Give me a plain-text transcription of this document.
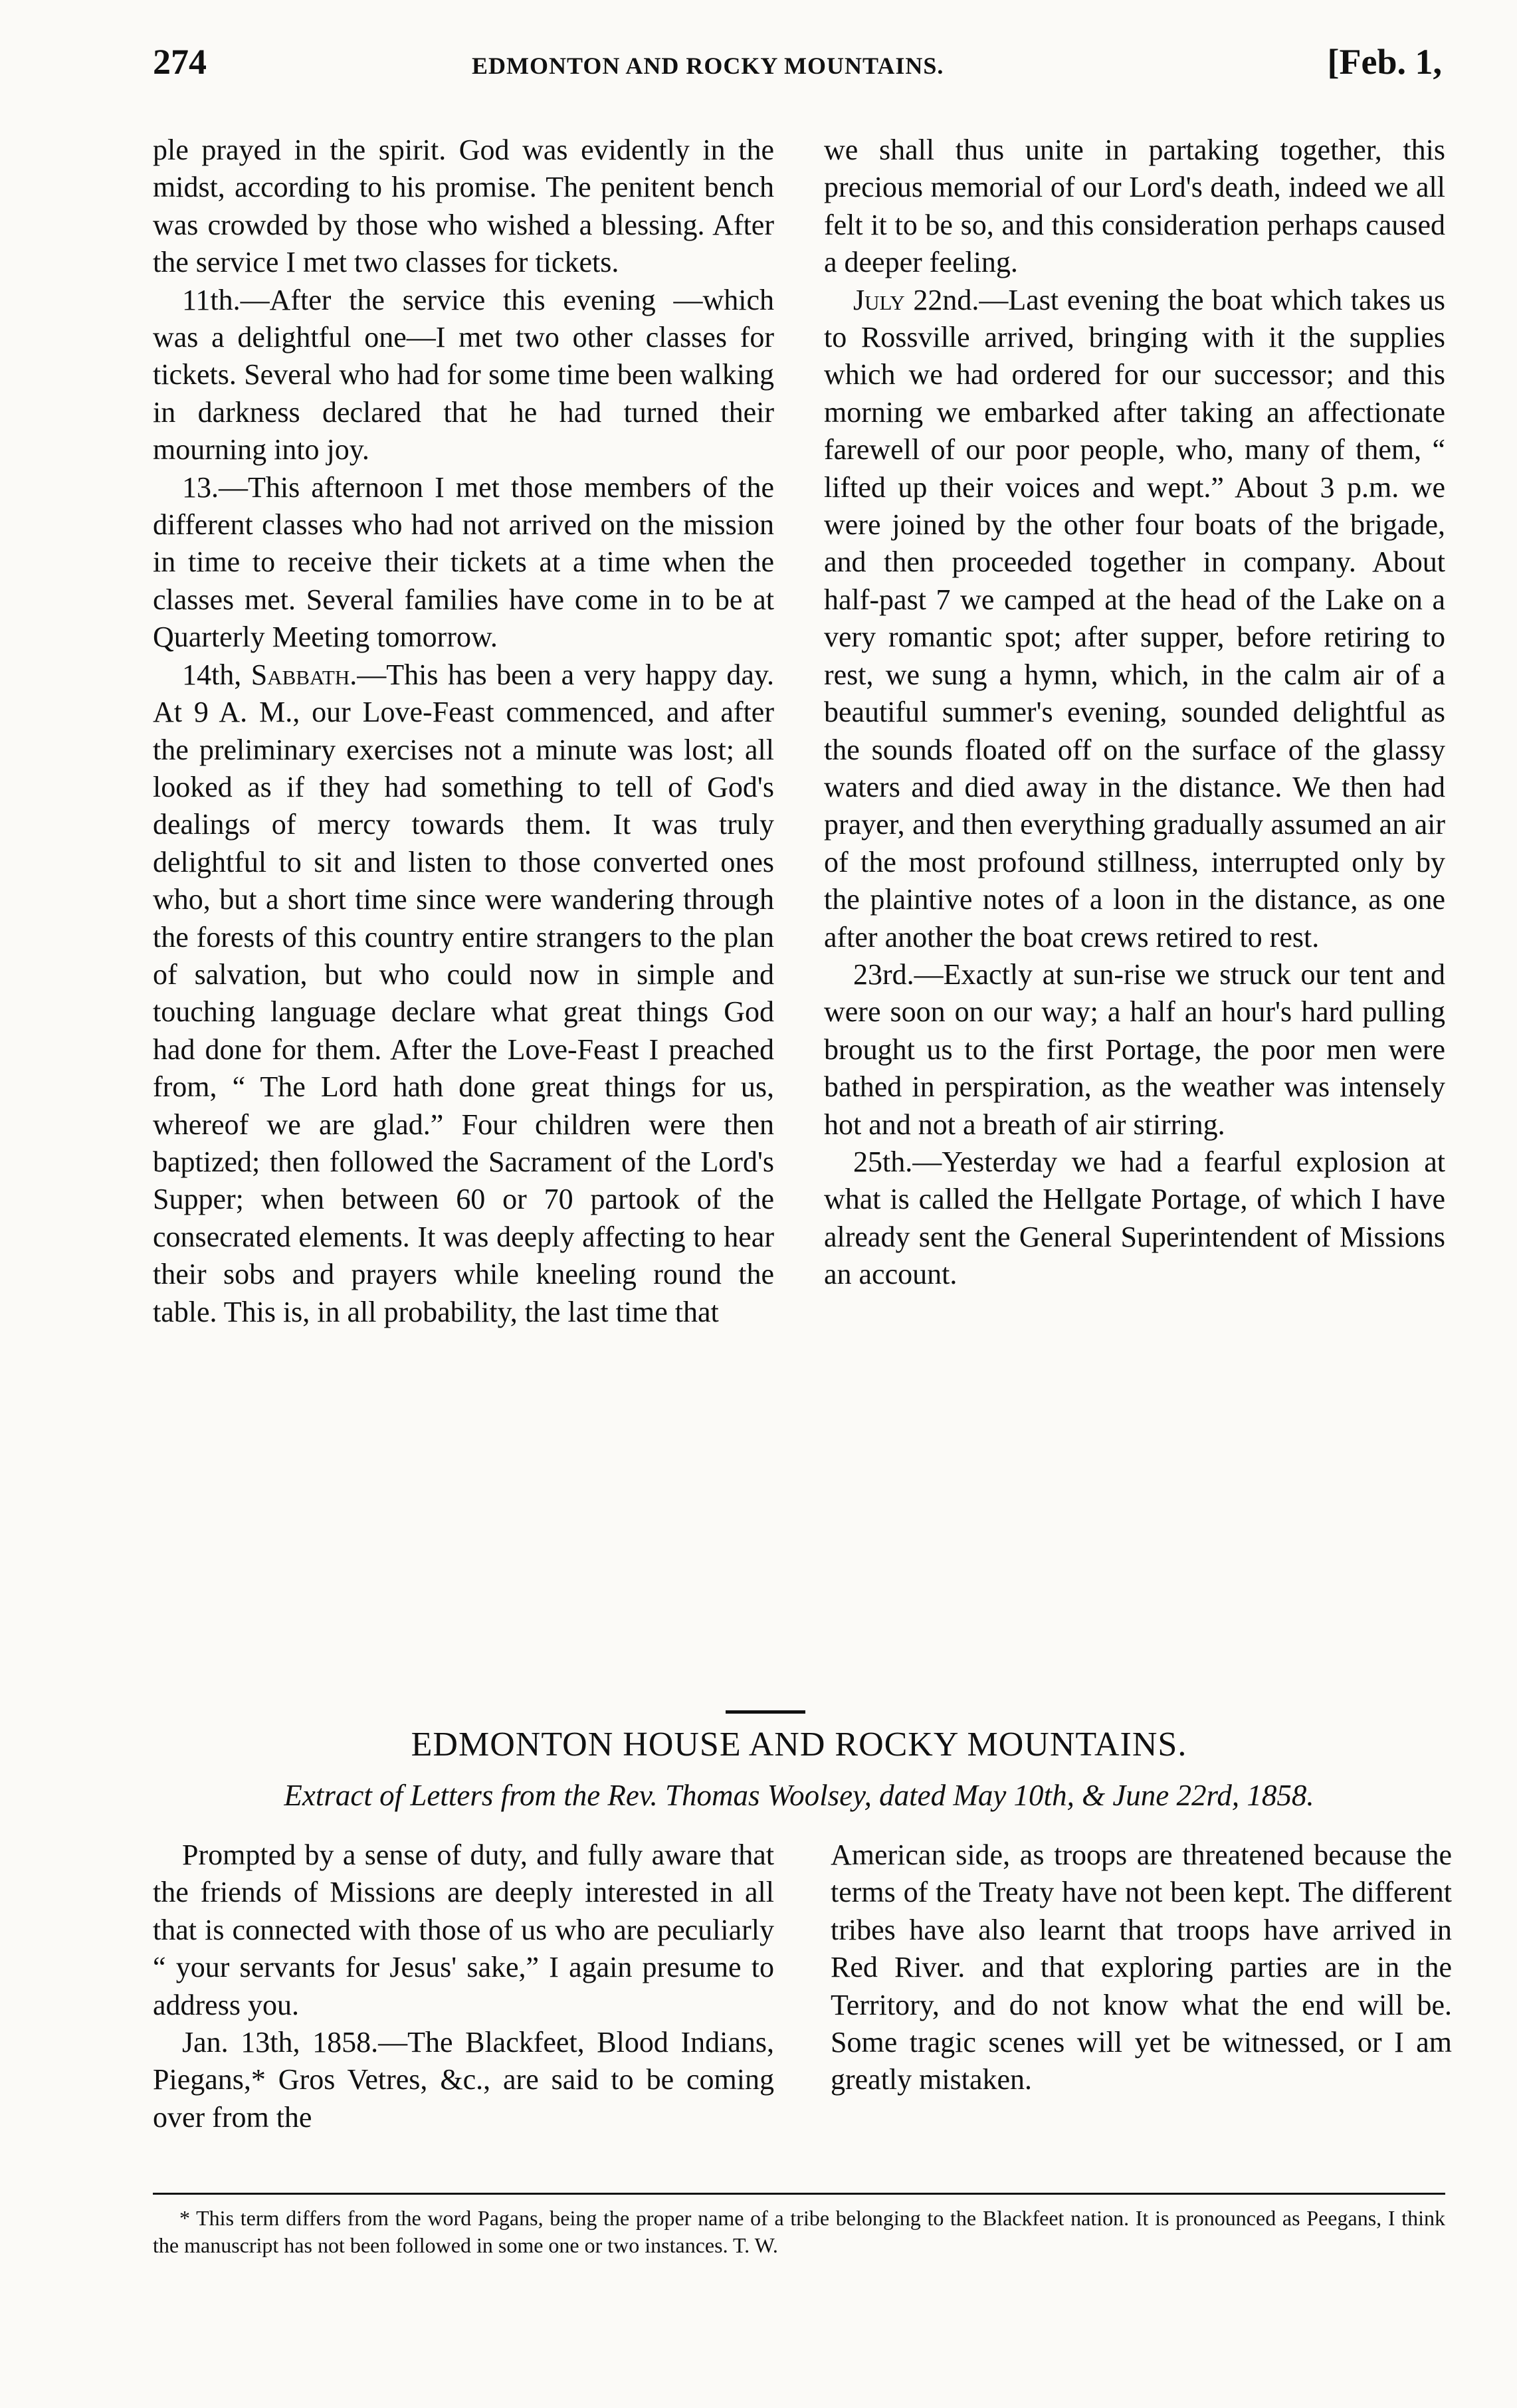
274	EDMONTON AND ROCKY MOUNTAINS.	[Feb. 1,

ple prayed in the spirit. God was evidently in the midst, according to his promise. The penitent bench was crowded by those who wished a blessing. After the service I met two classes for tickets.

11th.—After the service this evening —which was a delightful one—I met two other classes for tickets. Several who had for some time been walking in darkness declared that he had turned their mourning into joy.

13.—This afternoon I met those members of the different classes who had not arrived on the mission in time to receive their tickets at a time when the classes met. Several families have come in to be at Quarterly Meeting tomorrow.

14th, Sabbath.—This has been a very happy day. At 9 A. M., our Love-Feast commenced, and after the preliminary exercises not a minute was lost; all looked as if they had something to tell of God's dealings of mercy towards them. It was truly delightful to sit and listen to those converted ones who, but a short time since were wandering through the forests of this country entire strangers to the plan of salvation, but who could now in simple and touching language declare what great things God had done for them. After the Love-Feast I preached from, “ The Lord hath done great things for us, whereof we are glad.” Four children were then baptized; then followed the Sacrament of the Lord's Supper; when between 60 or 70 partook of the consecrated elements. It was deeply affecting to hear their sobs and prayers while kneeling round the table. This is, in all probability, the last time that

we shall thus unite in partaking together, this precious memorial of our Lord's death, indeed we all felt it to be so, and this consideration perhaps caused a deeper feeling.

July 22nd.—Last evening the boat which takes us to Rossville arrived, bringing with it the supplies which we had ordered for our successor; and this morning we embarked after taking an affectionate farewell of our poor people, who, many of them, “ lifted up their voices and wept.” About 3 p.m. we were joined by the other four boats of the brigade, and then proceeded together in company. About half-past 7 we camped at the head of the Lake on a very romantic spot; after supper, before retiring to rest, we sung a hymn, which, in the calm air of a beautiful summer's evening, sounded delightful as the sounds floated off on the surface of the glassy waters and died away in the distance. We then had prayer, and then everything gradually assumed an air of the most profound stillness, interrupted only by the plaintive notes of a loon in the distance, as one after another the boat crews retired to rest.

23rd.—Exactly at sun-rise we struck our tent and were soon on our way; a half an hour's hard pulling brought us to the first Portage, the poor men were bathed in perspiration, as the weather was intensely hot and not a breath of air stirring.

25th.—Yesterday we had a fearful explosion at what is called the Hellgate Portage, of which I have already sent the General Superintendent of Missions an account.

EDMONTON HOUSE AND ROCKY MOUNTAINS.
Extract of Letters from the Rev. Thomas Woolsey, dated May 10th, & June 22rd, 1858.

Prompted by a sense of duty, and fully aware that the friends of Missions are deeply interested in all that is connected with those of us who are peculiarly “ your servants for Jesus' sake,” I again presume to address you.

Jan. 13th, 1858.—The Blackfeet, Blood Indians, Piegans,* Gros Vetres, &c., are said to be coming over from the

American side, as troops are threatened because the terms of the Treaty have not been kept. The different tribes have also learnt that troops have arrived in Red River. and that exploring parties are in the Territory, and do not know what the end will be. Some tragic scenes will yet be witnessed, or I am greatly mistaken.

* This term differs from the word Pagans, being the proper name of a tribe belonging to the Blackfeet nation. It is pronounced as Peegans, I think the manuscript has not been followed in some one or two instances. T. W.
